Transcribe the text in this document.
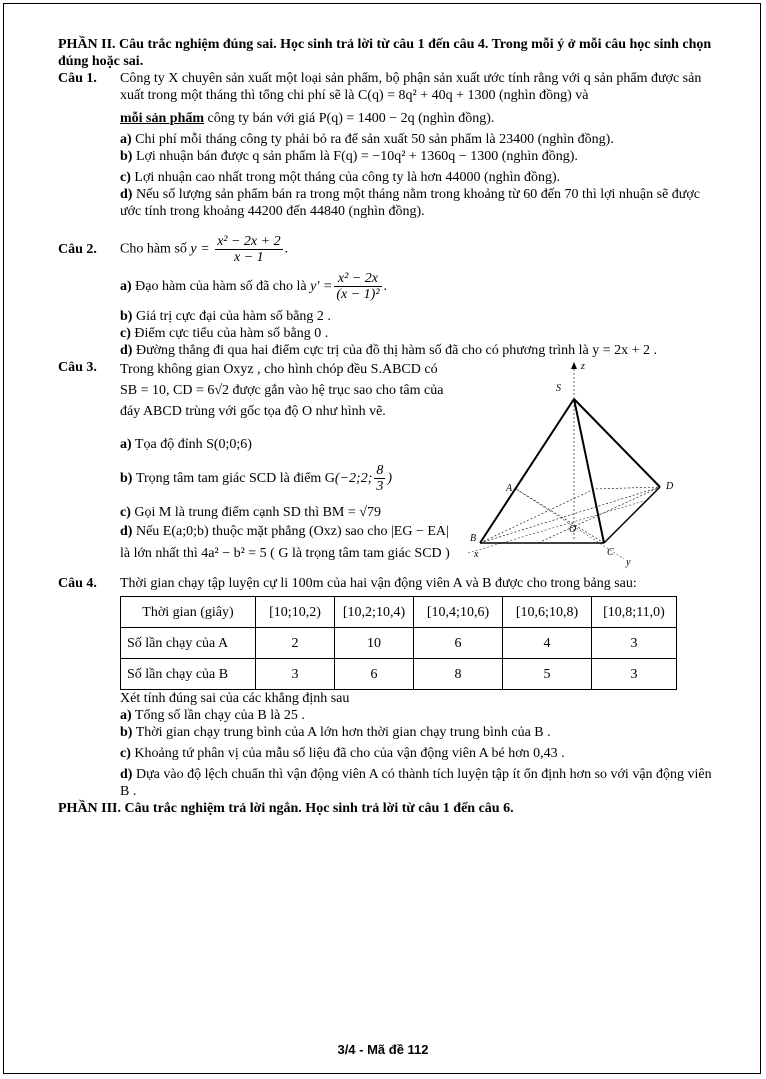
PHẦN II. Câu trắc nghiệm đúng sai. Học sinh trả lời từ câu 1 đến câu 4. Trong mỗi ý ở mỗi câu học sinh chọn đúng hoặc sai.
Câu 1.	Công ty X chuyên sản xuất một loại sản phẩm, bộ phận sản xuất ước tính rằng với q sản phẩm được sản xuất trong một tháng thì tổng chi phí sẽ là C(q) = 8q² + 40q + 1300 (nghìn đồng) và
mỗi sản phẩm công ty bán với giá P(q) = 1400 − 2q (nghìn đồng).
a) Chi phí mỗi tháng công ty phải bỏ ra để sản xuất 50 sản phẩm là 23400 (nghìn đồng).
b) Lợi nhuận bán được q sản phẩm là F(q) = −10q² + 1360q − 1300 (nghìn đồng).
c) Lợi nhuận cao nhất trong một tháng của công ty là hơn 44000 (nghìn đồng).
d) Nếu số lượng sản phẩm bán ra trong một tháng nằm trong khoảng từ 60 đến 70 thì lợi nhuận sẽ được ước tính trong khoảng 44200 đến 44840 (nghìn đồng).
Câu 2.	Cho hàm số $y = \frac{\text{x² − 2x + 2}}{x - 1}$ .
a)
Đạo hàm của hàm số đã cho là
$y' = \frac{\text{x² − 2x}}{\text{(x − 1)²}}$ .
b) Giá trị cực đại của hàm số bằng 2 .
c) Điểm cực tiểu của hàm số bằng 0 .
d) Đường thẳng đi qua hai điểm cực trị của đồ thị hàm số đã cho có phương trình là y = 2x + 2 .
Câu 3.	Trong không gian Oxyz , cho hình chóp đều S.ABCD có SB = 10, CD = 6√2 được gắn vào hệ trục sao cho tâm của đáy ABCD trùng với gốc tọa độ O như hình vẽ.
a) Tọa độ đỉnh S(0;0;6)
b)
Trọng tâm tam giác SCD là điểm G (−2;2; $\frac{8}{3}$ )
c) Gọi M là trung điểm cạnh SD thì BM = √79
d) Nếu E(a;0;b) thuộc mặt phẳng (Oxz) sao cho |EG − EA| là lớn nhất thì 4a² − b² = 5 ( G là trọng tâm tam giác SCD )
z
S
A	D
O
B
C
x
y
Câu 4.	Thời gian chạy tập luyện cự li 100m của hai vận động viên A và B được cho trong bảng sau:
Thời gian (giây)	[10;10,2)	[10,2;10,4)	[10,4;10,6)	[10,6;10,8)	[10,8;11,0)
Số lần chạy của A	2	10	6	4	3
Số lần chạy của B	3	6	8	5	3
Xét tính đúng sai của các khẳng định sau
a) Tổng số lần chạy của B là 25 .
b) Thời gian chạy trung bình của A lớn hơn thời gian chạy trung bình của B .
c) Khoảng tứ phân vị của mẫu số liệu đã cho của vận động viên A bé hơn 0,43 .
d) Dựa vào độ lệch chuẩn thì vận động viên A có thành tích luyện tập ít ổn định hơn so với vận động viên B .
PHẦN III. Câu trắc nghiệm trả lời ngắn. Học sinh trả lời từ câu 1 đến câu 6.
3/4 - Mã đề 112
